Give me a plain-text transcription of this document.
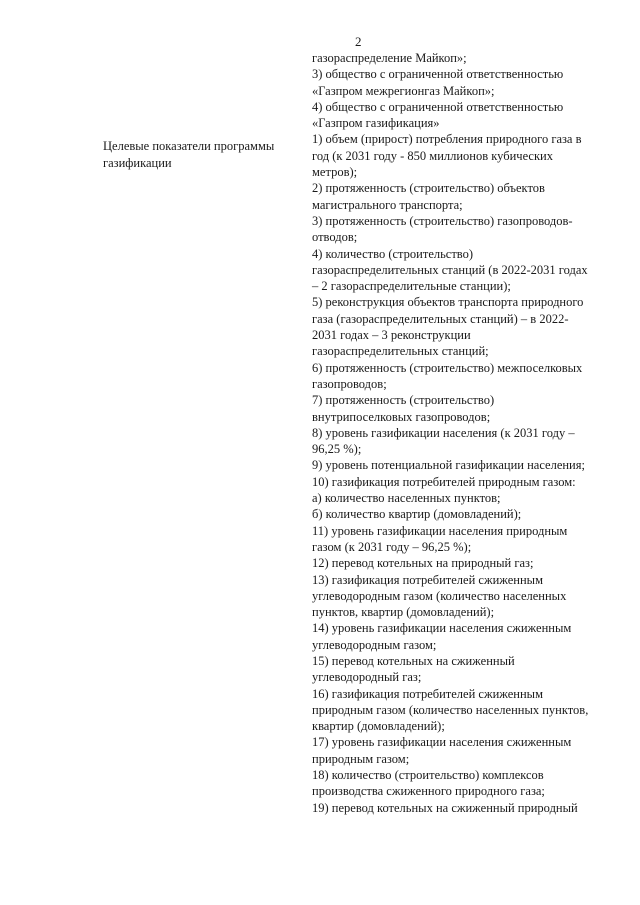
2
Целевые показатели программы
газификации
газораспределение Майкоп»;
3) общество с ограниченной ответственностью
«Газпром межрегионгаз Майкоп»;
4) общество с ограниченной ответственностью
«Газпром газификация»
1) объем (прирост) потребления природного газа в
год (к 2031 году - 850 миллионов кубических
метров);
2) протяженность (строительство) объектов
магистрального транспорта;
3) протяженность (строительство) газопроводов-
отводов;
4) количество (строительство)
газораспределительных станций (в 2022-2031 годах
– 2 газораспределительные станции);
5) реконструкция объектов транспорта природного
газа (газораспределительных станций) – в 2022-
2031 годах – 3 реконструкции
газораспределительных станций;
6) протяженность (строительство) межпоселковых
газопроводов;
7) протяженность (строительство)
внутрипоселковых газопроводов;
8) уровень газификации населения (к 2031 году –
96,25 %);
9) уровень потенциальной газификации населения;
10) газификация потребителей природным газом:
а) количество населенных пунктов;
б) количество квартир (домовладений);
11) уровень газификации населения природным
газом (к 2031 году – 96,25 %);
12) перевод котельных на природный газ;
13) газификация потребителей сжиженным
углеводородным газом (количество населенных
пунктов, квартир (домовладений);
14) уровень газификации населения сжиженным
углеводородным газом;
15) перевод котельных на сжиженный
углеводородный газ;
16) газификация потребителей сжиженным
природным газом (количество населенных пунктов,
квартир (домовладений);
17) уровень газификации населения сжиженным
природным газом;
18) количество (строительство) комплексов
производства сжиженного природного газа;
19) перевод котельных на сжиженный природный
